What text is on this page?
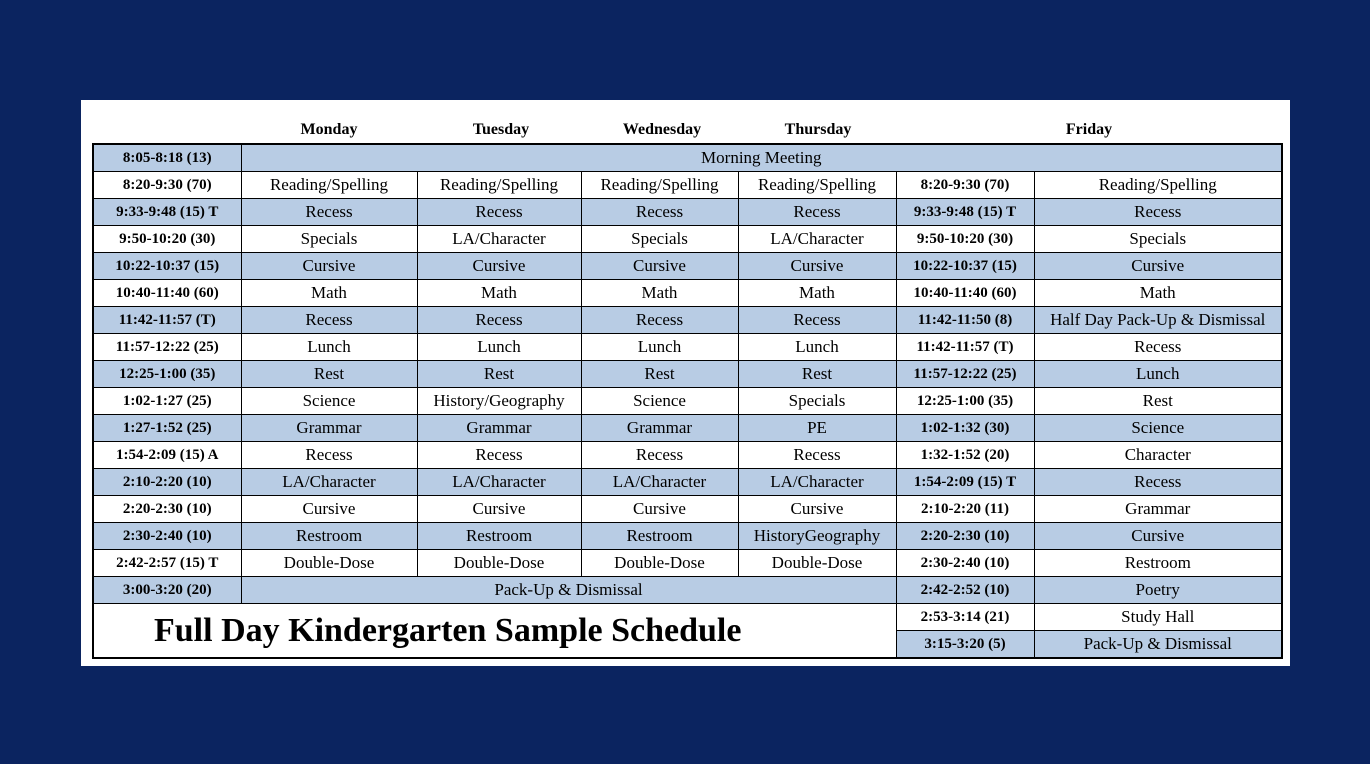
Monday	Tuesday	Wednesday	Thursday	Friday
8:05-8:18 (13)	Morning Meeting					
8:20-9:30 (70)	Reading/Spelling	Reading/Spelling	Reading/Spelling	Reading/Spelling	8:20-9:30 (70)	Reading/Spelling
9:33-9:48 (15) T	Recess	Recess	Recess	Recess	9:33-9:48 (15) T	Recess
9:50-10:20 (30)	Specials	LA/Character	Specials	LA/Character	9:50-10:20 (30)	Specials
10:22-10:37 (15)	Cursive	Cursive	Cursive	Cursive	10:22-10:37 (15)	Cursive
10:40-11:40 (60)	Math	Math	Math	Math	10:40-11:40 (60)	Math
11:42-11:57 (T)	Recess	Recess	Recess	Recess	11:42-11:50 (8)	Half Day Pack-Up & Dismissal
11:57-12:22 (25)	Lunch	Lunch	Lunch	Lunch	11:42-11:57 (T)	Recess
12:25-1:00 (35)	Rest	Rest	Rest	Rest	11:57-12:22 (25)	Lunch
1:02-1:27 (25)	Science	History/Geography	Science	Specials	12:25-1:00 (35)	Rest
1:27-1:52 (25)	Grammar	Grammar	Grammar	PE	1:02-1:32 (30)	Science
1:54-2:09 (15) A	Recess	Recess	Recess	Recess	1:32-1:52 (20)	Character
2:10-2:20 (10)	LA/Character	LA/Character	LA/Character	LA/Character	1:54-2:09 (15) T	Recess
2:20-2:30 (10)	Cursive	Cursive	Cursive	Cursive	2:10-2:20 (11)	Grammar
2:30-2:40 (10)	Restroom	Restroom	Restroom	HistoryGeography	2:20-2:30 (10)	Cursive
2:42-2:57 (15) T	Double-Dose	Double-Dose	Double-Dose	Double-Dose	2:30-2:40 (10)	Restroom
3:00-3:20 (20)	Pack-Up & Dismissal				2:42-2:52 (10)	Poetry
Full Day Kindergarten Sample Schedule					2:53-3:14 (21)	Study Hall
					3:15-3:20 (5)	Pack-Up & Dismissal
